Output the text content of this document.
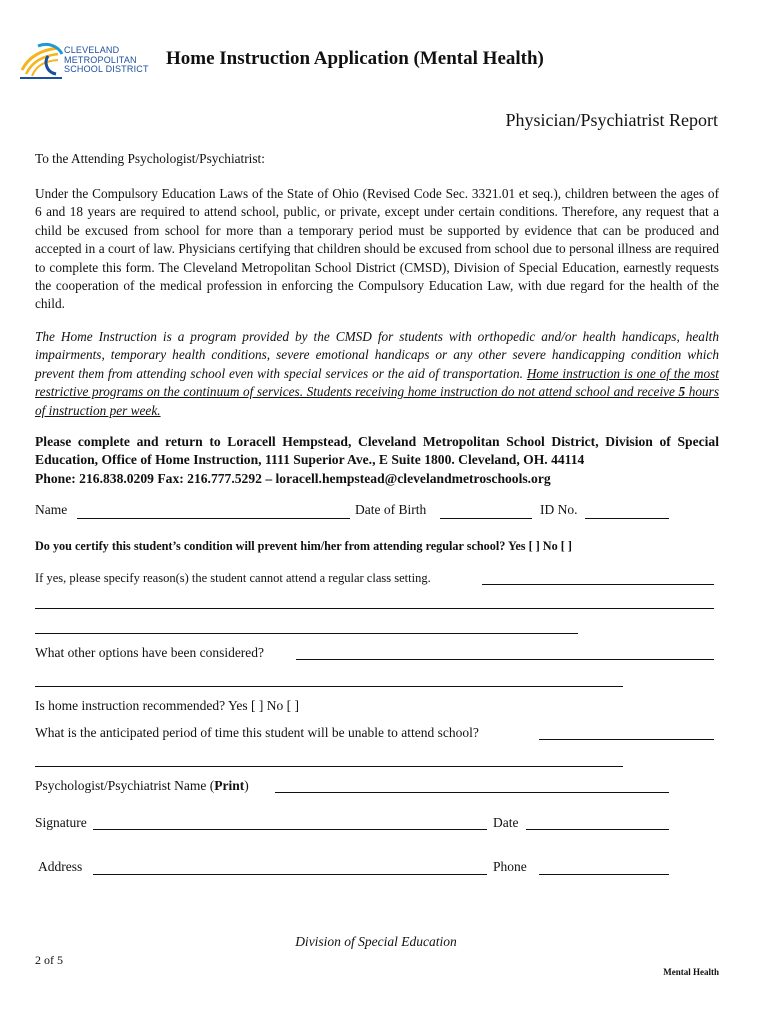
CLEVELAND
METROPOLITAN
SCHOOL DISTRICT Home Instruction Application (Mental Health)
Physician/Psychiatrist Report
To the Attending Psychologist/Psychiatrist:
Under the Compulsory Education Laws of the State of Ohio (Revised Code Sec. 3321.01 et seq.), children between the ages of 6 and 18 years are required to attend school, public, or private, except under certain conditions. Therefore, any request that a child be excused from school for more than a temporary period must be supported by evidence that can be produced and accepted in a court of law. Physicians certifying that children should be excused from school due to personal illness are required to complete this form. The Cleveland Metropolitan School District (CMSD), Division of Special Education, earnestly requests the cooperation of the medical profession in enforcing the Compulsory Education Law, with due regard for the health of the child.
The Home Instruction is a program provided by the CMSD for students with orthopedic and/or health handicaps, health impairments, temporary health conditions, severe emotional handicaps or any other severe handicapping condition which prevent them from attending school even with special services or the aid of transportation. Home instruction is one of the most restrictive programs on the continuum of services. Students receiving home instruction do not attend school and receive 5 hours of instruction per week.
Please complete and return to Loracell Hempstead, Cleveland Metropolitan School District, Division of Special Education, Office of Home Instruction, 1111 Superior Ave., E Suite 1800. Cleveland, OH. 44114
Phone: 216.838.0209 Fax: 216.777.5292 – loracell.hempstead@clevelandmetroschools.org
Name	Date of Birth	ID No.
Do you certify this student’s condition will prevent him/her from attending regular school? Yes [ ] No [ ]
If yes, please specify reason(s) the student cannot attend a regular class setting.
What other options have been considered?
Is home instruction recommended? Yes [ ] No [ ]
What is the anticipated period of time this student will be unable to attend school?
Psychologist/Psychiatrist Name (Print)
Signature	Date
Address	Phone
Division of Special Education
2 of 5
Mental Health
